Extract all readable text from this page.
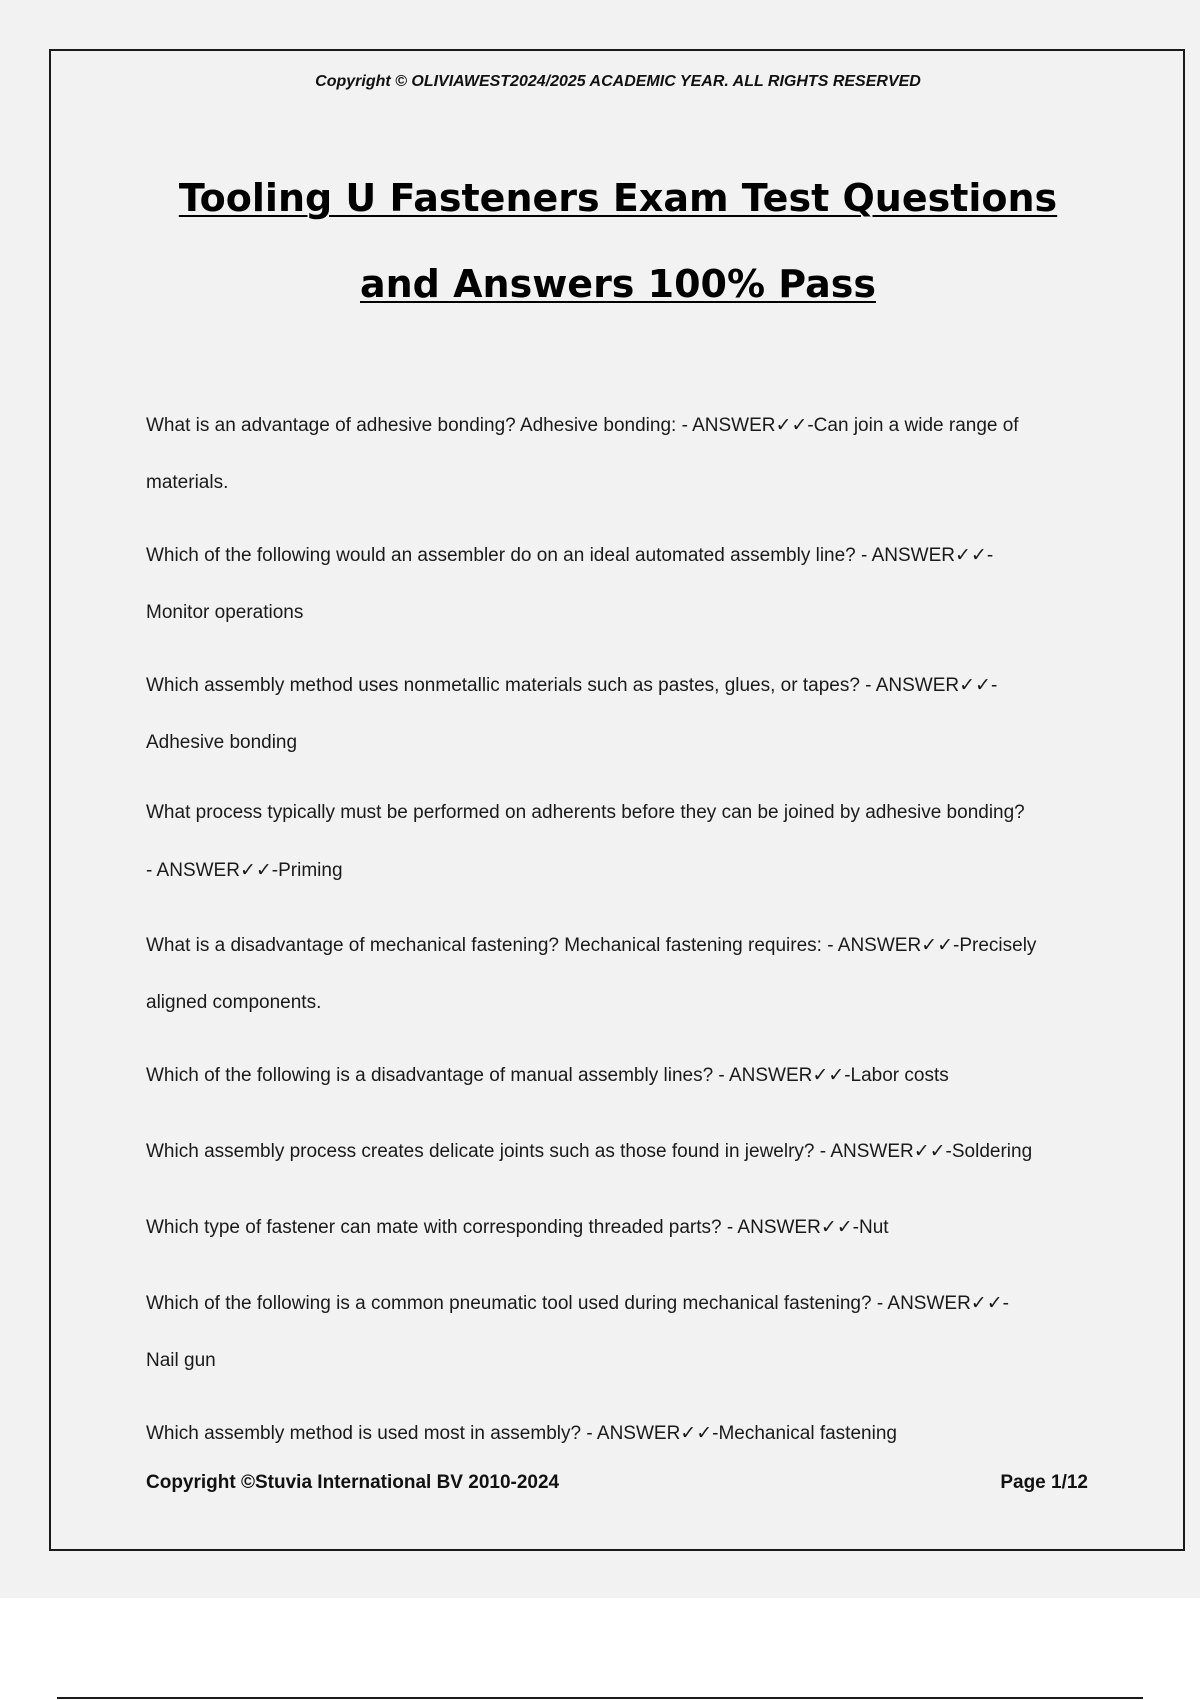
Copyright © OLIVIAWEST2024/2025 ACADEMIC YEAR. ALL RIGHTS RESERVED
Tooling U Fasteners Exam Test Questions
and Answers 100% Pass
What is an advantage of adhesive bonding? Adhesive bonding: - ANSWER✓✓-Can join a wide range of
materials.
Which of the following would an assembler do on an ideal automated assembly line? - ANSWER✓✓-
Monitor operations
Which assembly method uses nonmetallic materials such as pastes, glues, or tapes? - ANSWER✓✓-
Adhesive bonding
What process typically must be performed on adherents before they can be joined by adhesive bonding?
- ANSWER✓✓-Priming
What is a disadvantage of mechanical fastening? Mechanical fastening requires: - ANSWER✓✓-Precisely
aligned components.
Which of the following is a disadvantage of manual assembly lines? - ANSWER✓✓-Labor costs
Which assembly process creates delicate joints such as those found in jewelry? - ANSWER✓✓-Soldering
Which type of fastener can mate with corresponding threaded parts? - ANSWER✓✓-Nut
Which of the following is a common pneumatic tool used during mechanical fastening? - ANSWER✓✓-
Nail gun
Which assembly method is used most in assembly? - ANSWER✓✓-Mechanical fastening
Copyright ©Stuvia International BV 2010-2024	Page 1/12
